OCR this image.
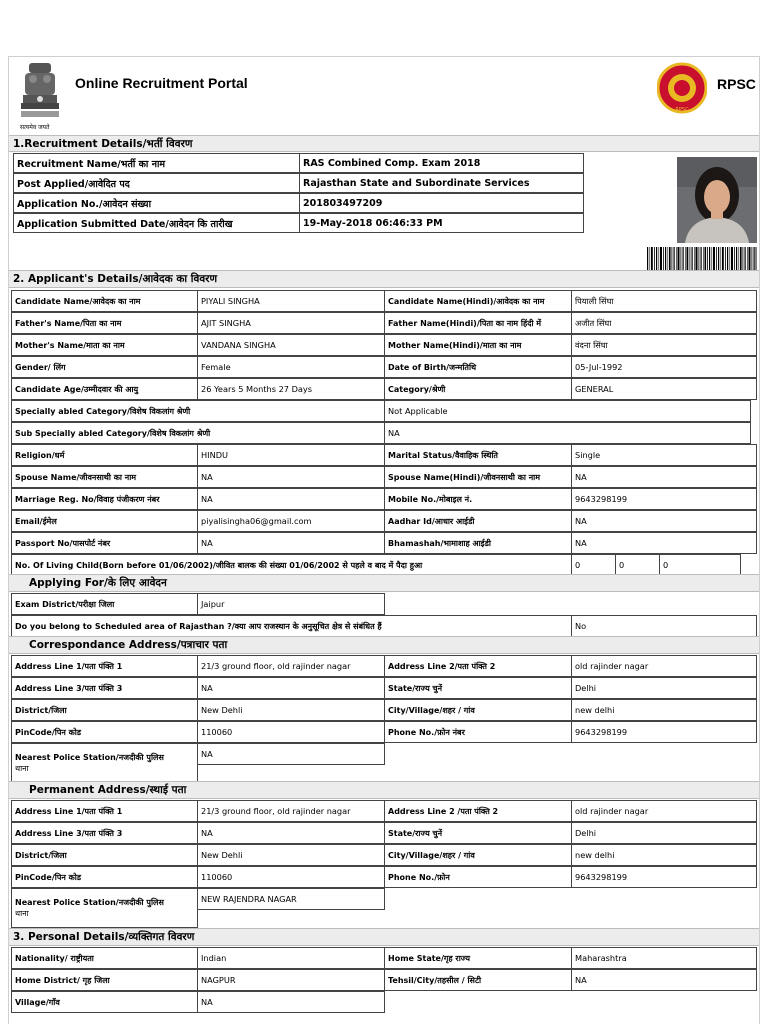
सत्यमेव जयते
Online Recruitment Portal
RPSC
RPSC
1.Recruitment Details/भर्ती विवरण
Recruitment Name/भर्ती का नाम	RAS Combined Comp. Exam 2018
Post Applied/आवेदित पद	Rajasthan State and Subordinate Services
Application No./आवेदन संख्या	201803497209
Application Submitted Date/आवेदन कि तारीख	19-May-2018 06:46:33 PM
2. Applicant's Details/आवेदक का विवरण
Candidate Name/आवेदक का नाम	PIYALI SINGHA	Candidate Name(Hindi)/आवेदक का नाम	पियाली सिंघा
Father's Name/पिता का नाम	AJIT SINGHA	Father Name(Hindi)/पिता का नाम हिंदी में	अजीत सिंघा
Mother's Name/माता का नाम	VANDANA SINGHA	Mother Name(Hindi)/माता का नाम	वंदना सिंघा
Gender/ लिंग	Female	Date of Birth/जन्मतिथि	05-Jul-1992
Candidate Age/उम्मीदवार की आयु	26 Years 5 Months 27 Days	Category/श्रेणी	GENERAL
Specially abled Category/विशेष विकलांग श्रेणी	Not Applicable
Sub Specially abled Category/विशेष विकलांग श्रेणी	NA
Religion/धर्म	HINDU	Marital Status/वैवाहिक स्थिति	Single
Spouse Name/जीवनसाथी का नाम	NA	Spouse Name(Hindi)/जीवनसाथी का नाम	NA
Marriage Reg. No/विवाह पंजीकरण नंबर	NA	Mobile No./मोबाइल नं.	9643298199
Email/ईमेल	piyalisingha06@gmail.com	Aadhar Id/आधार आईडी	NA
Passport No/पासपोर्ट नंबर	NA	Bhamashah/भामाशाह आईडी	NA
No. Of Living Child(Born before 01/06/2002)/जीवित बालक की संख्या 01/06/2002 से पहले व बाद में पैदा हुआ	0	0	0
Applying For/के लिए आवेदन
Exam District/परीक्षा जिला	Jaipur
Do you belong to Scheduled area of Rajasthan ?/क्या आप राजस्थान के अनुसूचित क्षेत्र से संबंधित हैं	No
Correspondance Address/पत्राचार पता
Address Line 1/पता पंक्ति 1	21/3 ground floor, old rajinder nagar	Address Line 2/पता पंक्ति 2	old rajinder nagar
Address Line 3/पता पंक्ति 3	NA	State/राज्य चुनें	Delhi
District/जिला	New Dehli	City/Village/शहर / गांव	new delhi
PinCode/पिन कोड	110060	Phone No./फ़ोन नंबर	9643298199
Nearest Police Station/नजदीकी पुलिस
थाना
NA
Permanent Address/स्थाई पता
Address Line 1/पता पंक्ति 1	21/3 ground floor, old rajinder nagar	Address Line 2 /पता पंक्ति 2	old rajinder nagar
Address Line 3/पता पंक्ति 3	NA	State/राज्य चुनें	Delhi
District/जिला	New Dehli	City/Village/शहर / गांव	new delhi
PinCode/पिन कोड	110060	Phone No./फ़ोन	9643298199
Nearest Police Station/नजदीकी पुलिस
थाना
NEW RAJENDRA NAGAR
3. Personal Details/व्यक्तिगत विवरण
Nationality/ राष्ट्रीयता	Indian	Home State/गृह राज्य	Maharashtra
Home District/ गृह जिला	NAGPUR	Tehsil/City/तहसील / सिटी	NA
Village/गाँव	NA
